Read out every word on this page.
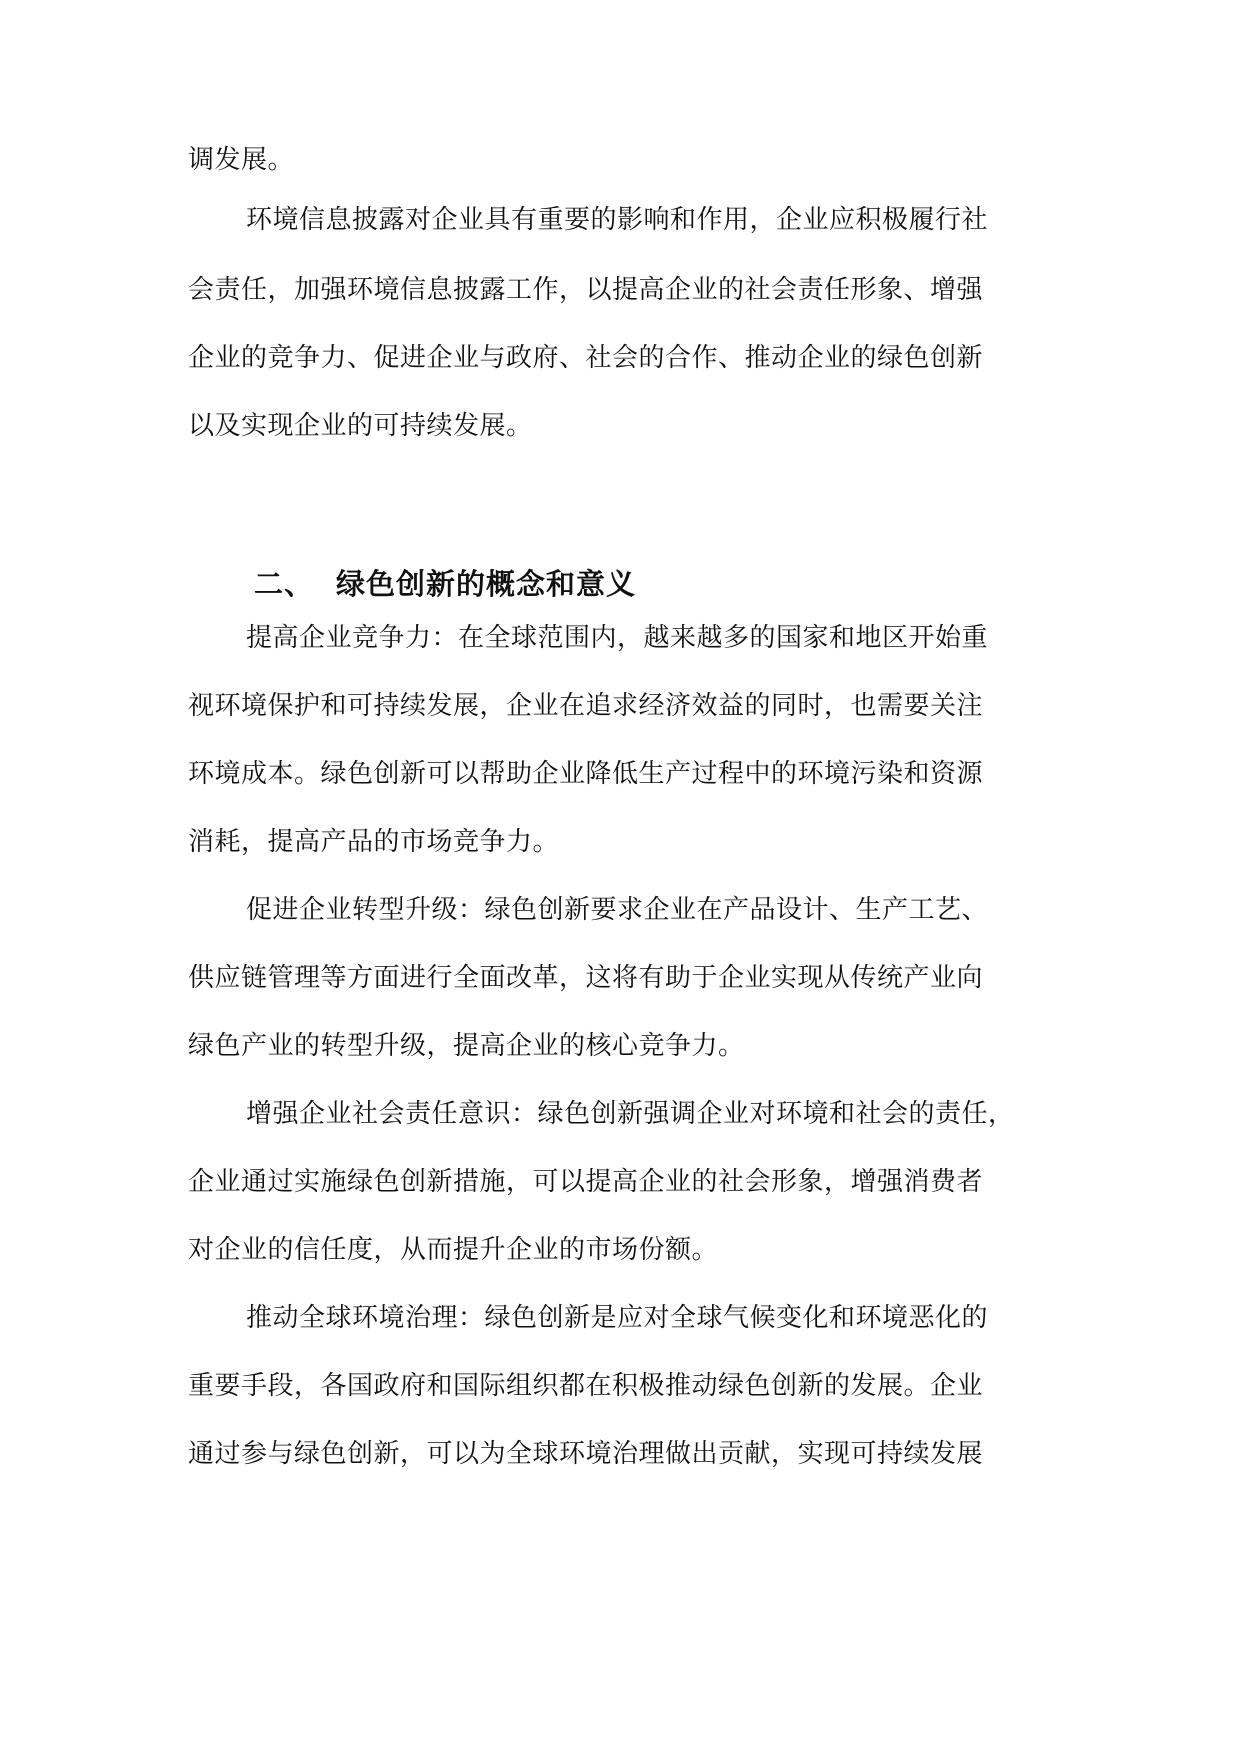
调发展。
环境信息披露对企业具有重要的影响和作用，企业应积极履行社
会责任，加强环境信息披露工作，以提高企业的社会责任形象、增强
企业的竞争力、促进企业与政府、社会的合作、推动企业的绿色创新
以及实现企业的可持续发展。
二、 绿色创新的概念和意义
提高企业竞争力：在全球范围内，越来越多的国家和地区开始重
视环境保护和可持续发展，企业在追求经济效益的同时，也需要关注
环境成本。绿色创新可以帮助企业降低生产过程中的环境污染和资源
消耗，提高产品的市场竞争力。
促进企业转型升级：绿色创新要求企业在产品设计、生产工艺、
供应链管理等方面进行全面改革，这将有助于企业实现从传统产业向
绿色产业的转型升级，提高企业的核心竞争力。
增强企业社会责任意识：绿色创新强调企业对环境和社会的责任，
企业通过实施绿色创新措施，可以提高企业的社会形象，增强消费者
对企业的信任度，从而提升企业的市场份额。
推动全球环境治理：绿色创新是应对全球气候变化和环境恶化的
重要手段，各国政府和国际组织都在积极推动绿色创新的发展。企业
通过参与绿色创新，可以为全球环境治理做出贡献，实现可持续发展
